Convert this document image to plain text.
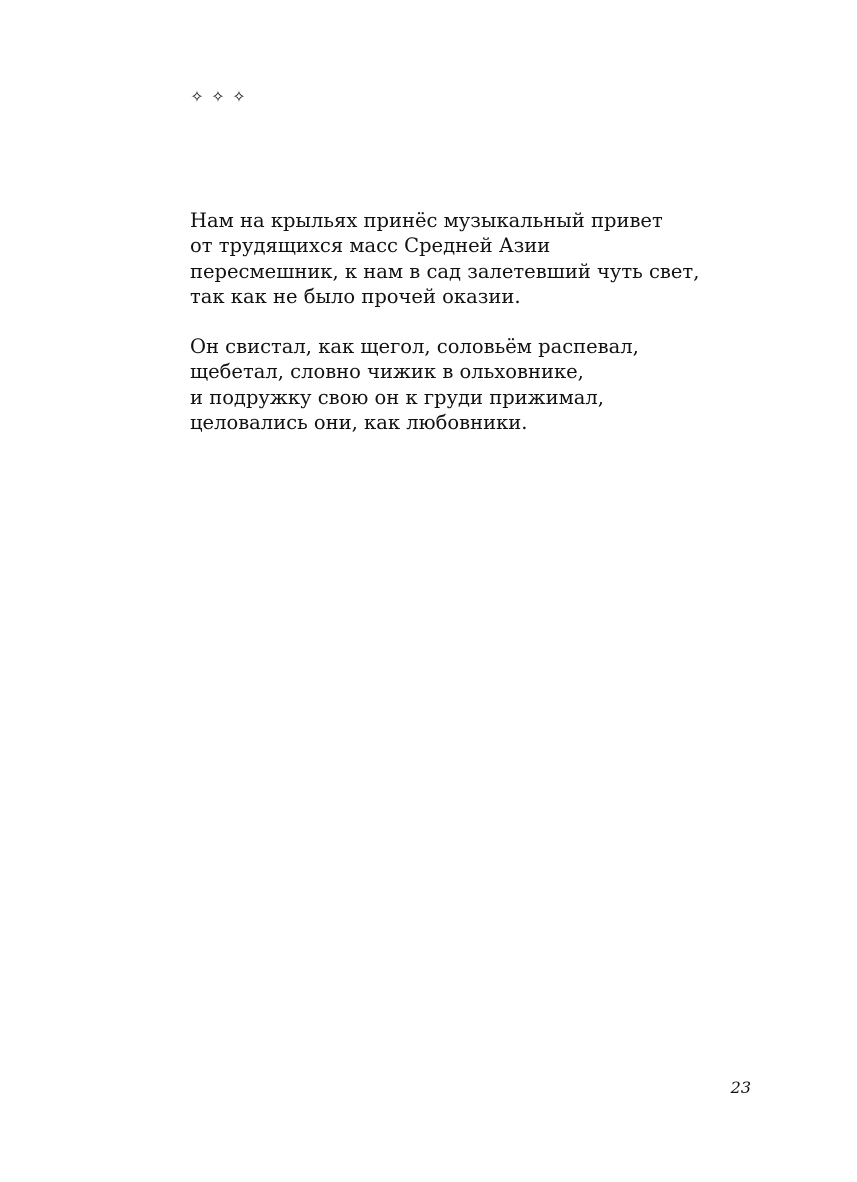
✧ ✧ ✧
Нам на крыльях принёс музыкальный привет
от трудящихся масс Средней Азии
пересмешник, к нам в сад залетевший чуть свет,
так как не было прочей оказии.
Он свистал, как щегол, соловьём распевал,
щебетал, словно чижик в ольховнике,
и подружку свою он к груди прижимал,
целовались они, как любовники.
23
